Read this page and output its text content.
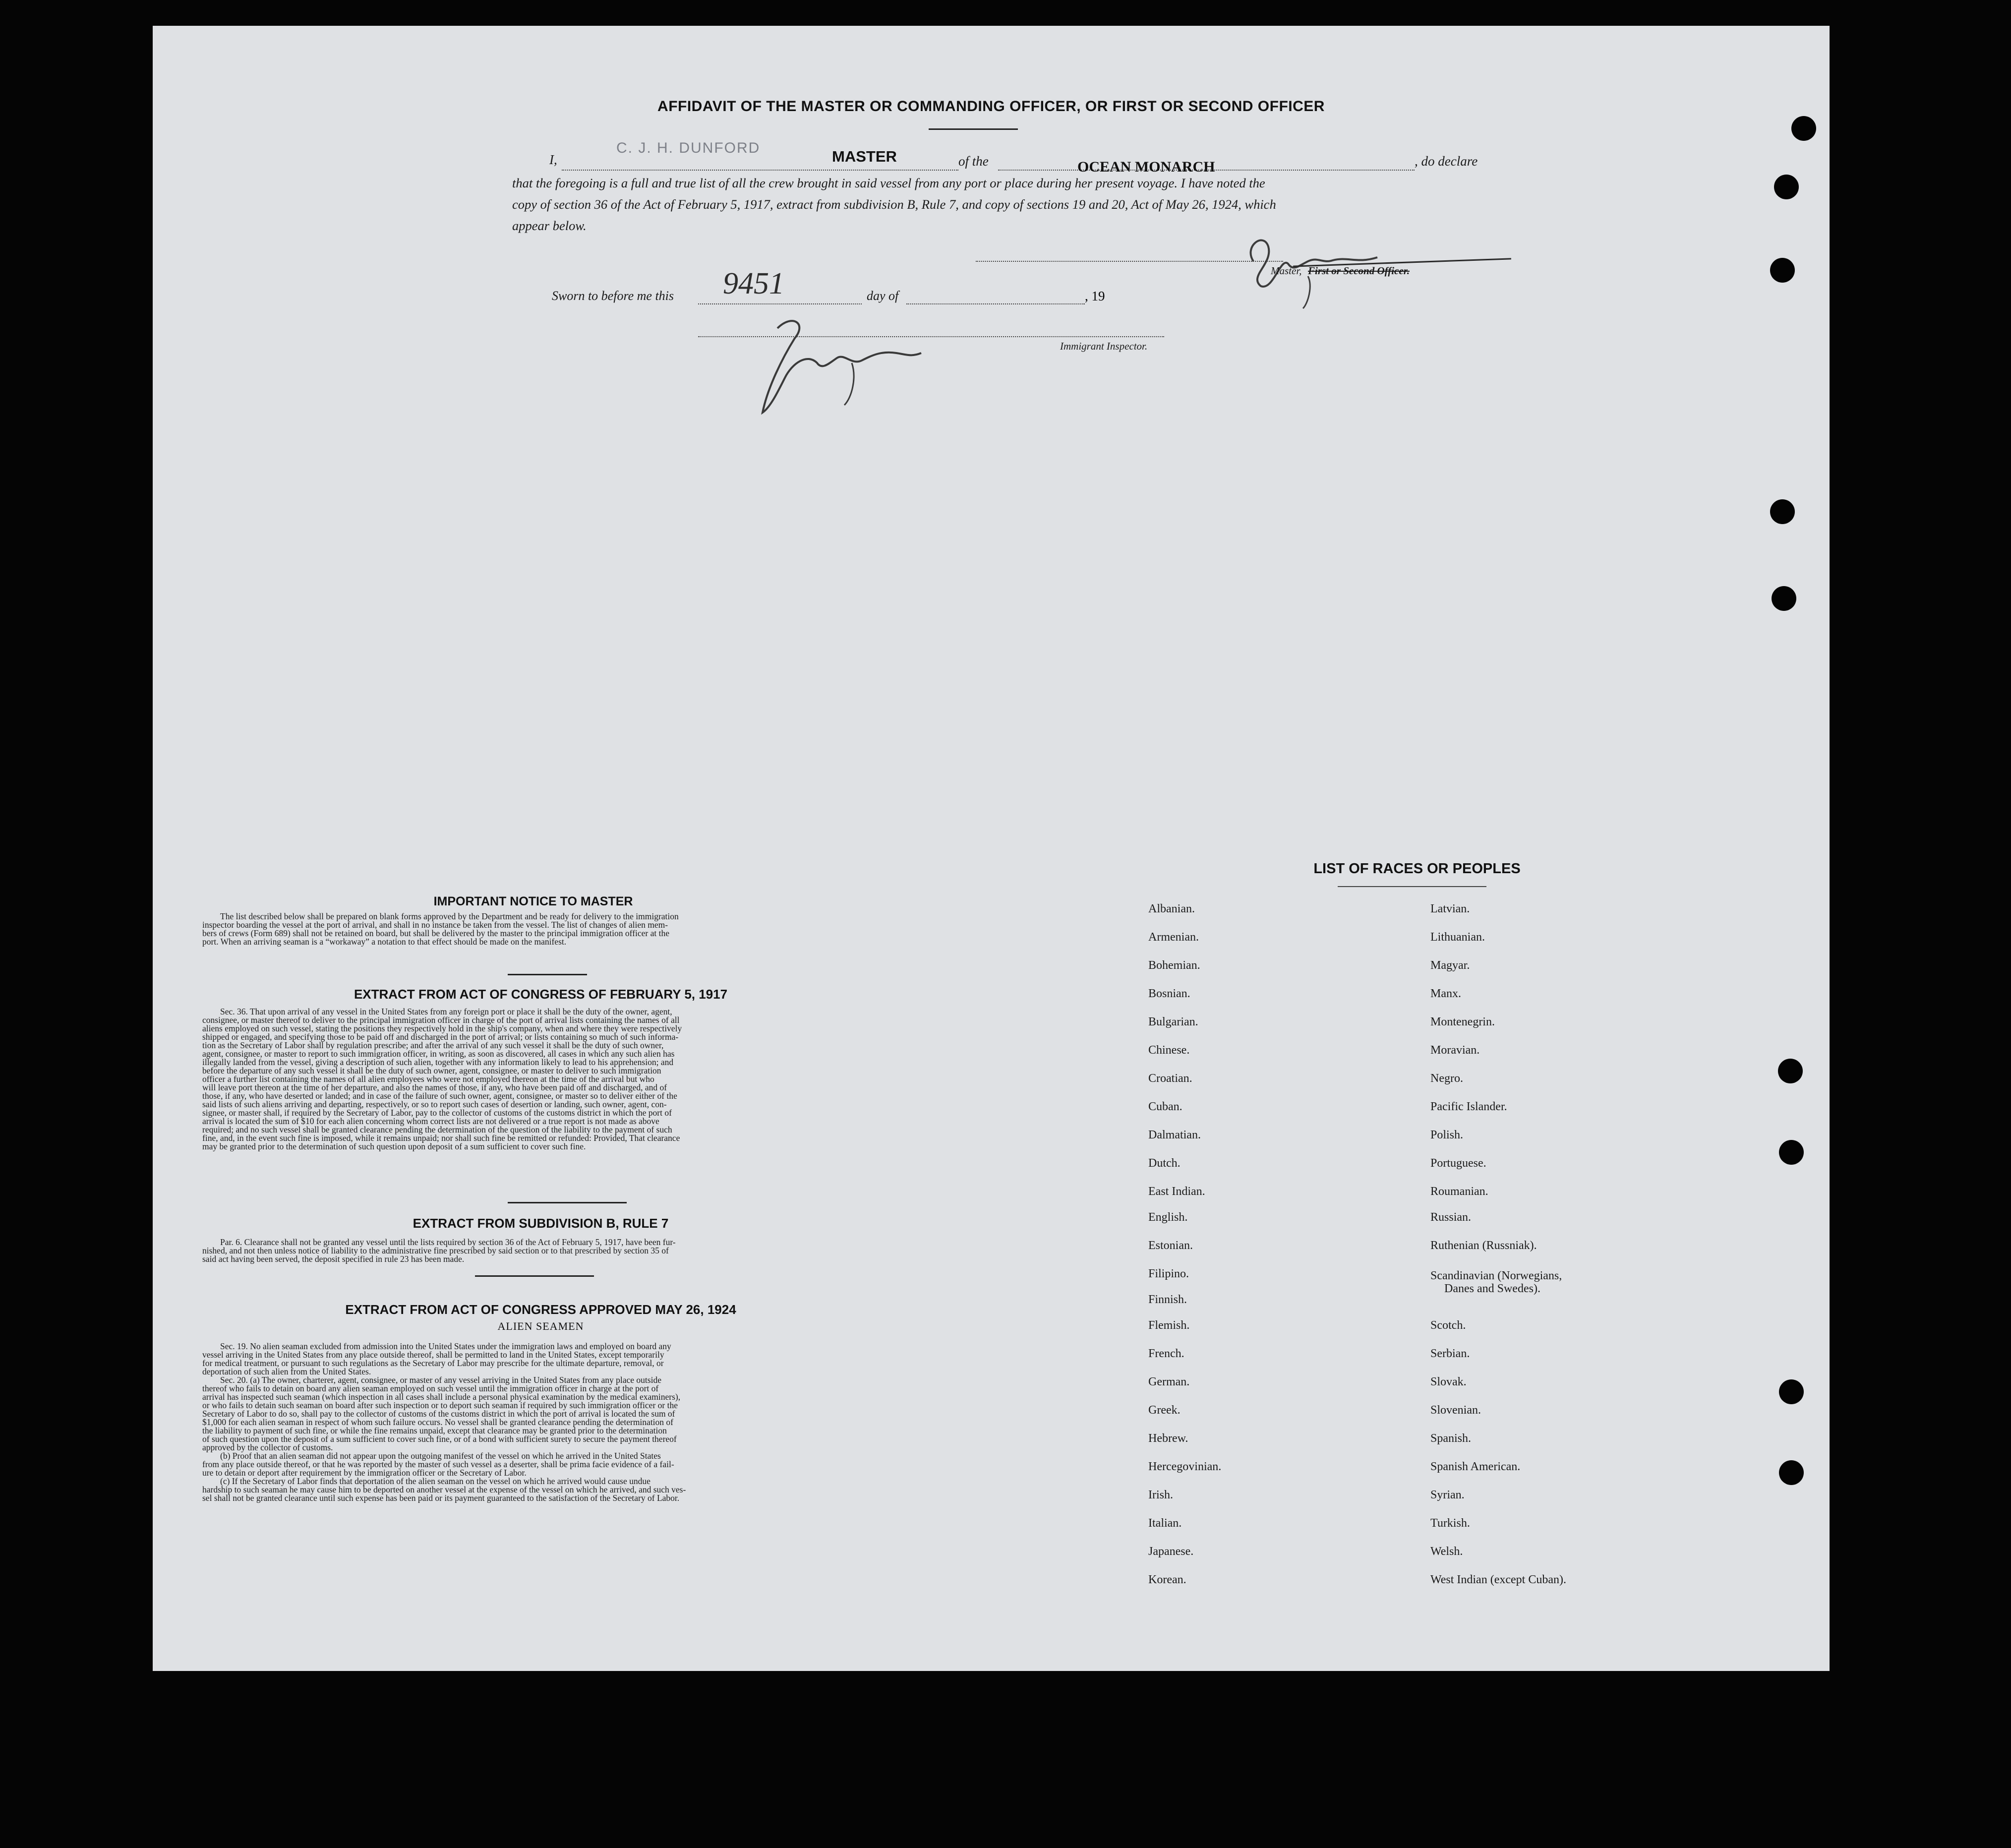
AFFIDAVIT OF THE MASTER OR COMMANDING OFFICER, OR FIRST OR SECOND OFFICER
I,
C. J. H. DUNFORD	MASTER	of the	OCEAN MONARCH	, do declare
that the foregoing is a full and true list of all the crew brought in said vessel from any port or place during her present voyage. I have noted the
copy of section 36 of the Act of February 5, 1917, extract from subdivision B, Rule 7, and copy of sections 19 and 20, Act of May 26, 1924, which
appear below.
Master, First or Second Officer.
Sworn to before me this 9451	day of	, 19
Immigrant Inspector.
IMPORTANT NOTICE TO MASTER
The list described below shall be prepared on blank forms approved by the Department and be ready for delivery to the immigration
inspector boarding the vessel at the port of arrival, and shall in no instance be taken from the vessel. The list of changes of alien mem-
bers of crews (Form 689) shall not be retained on board, but shall be delivered by the master to the principal immigration officer at the
port. When an arriving seaman is a “workaway” a notation to that effect should be made on the manifest.
EXTRACT FROM ACT OF CONGRESS OF FEBRUARY 5, 1917
Sec. 36. That upon arrival of any vessel in the United States from any foreign port or place it shall be the duty of the owner, agent,
consignee, or master thereof to deliver to the principal immigration officer in charge of the port of arrival lists containing the names of all
aliens employed on such vessel, stating the positions they respectively hold in the ship's company, when and where they were respectively
shipped or engaged, and specifying those to be paid off and discharged in the port of arrival; or lists containing so much of such informa-
tion as the Secretary of Labor shall by regulation prescribe; and after the arrival of any such vessel it shall be the duty of such owner,
agent, consignee, or master to report to such immigration officer, in writing, as soon as discovered, all cases in which any such alien has
illegally landed from the vessel, giving a description of such alien, together with any information likely to lead to his apprehension; and
before the departure of any such vessel it shall be the duty of such owner, agent, consignee, or master to deliver to such immigration
officer a further list containing the names of all alien employees who were not employed thereon at the time of the arrival but who
will leave port thereon at the time of her departure, and also the names of those, if any, who have been paid off and discharged, and of
those, if any, who have deserted or landed; and in case of the failure of such owner, agent, consignee, or master so to deliver either of the
said lists of such aliens arriving and departing, respectively, or so to report such cases of desertion or landing, such owner, agent, con-
signee, or master shall, if required by the Secretary of Labor, pay to the collector of customs of the customs district in which the port of
arrival is located the sum of $10 for each alien concerning whom correct lists are not delivered or a true report is not made as above
required; and no such vessel shall be granted clearance pending the determination of the question of the liability to the payment of such
fine, and, in the event such fine is imposed, while it remains unpaid; nor shall such fine be remitted or refunded: Provided, That clearance
may be granted prior to the determination of such question upon deposit of a sum sufficient to cover such fine.
EXTRACT FROM SUBDIVISION B, RULE 7
Par. 6. Clearance shall not be granted any vessel until the lists required by section 36 of the Act of February 5, 1917, have been fur-
nished, and not then unless notice of liability to the administrative fine prescribed by said section or to that prescribed by section 35 of
said act having been served, the deposit specified in rule 23 has been made.
EXTRACT FROM ACT OF CONGRESS APPROVED MAY 26, 1924
ALIEN SEAMEN
Sec. 19. No alien seaman excluded from admission into the United States under the immigration laws and employed on board any
vessel arriving in the United States from any place outside thereof, shall be permitted to land in the United States, except temporarily
for medical treatment, or pursuant to such regulations as the Secretary of Labor may prescribe for the ultimate departure, removal, or
deportation of such alien from the United States.
Sec. 20. (a) The owner, charterer, agent, consignee, or master of any vessel arriving in the United States from any place outside
thereof who fails to detain on board any alien seaman employed on such vessel until the immigration officer in charge at the port of
arrival has inspected such seaman (which inspection in all cases shall include a personal physical examination by the medical examiners),
or who fails to detain such seaman on board after such inspection or to deport such seaman if required by such immigration officer or the
Secretary of Labor to do so, shall pay to the collector of customs of the customs district in which the port of arrival is located the sum of
$1,000 for each alien seaman in respect of whom such failure occurs. No vessel shall be granted clearance pending the determination of
the liability to payment of such fine, or while the fine remains unpaid, except that clearance may be granted prior to the determination
of such question upon the deposit of a sum sufficient to cover such fine, or of a bond with sufficient surety to secure the payment thereof
approved by the collector of customs.
(b) Proof that an alien seaman did not appear upon the outgoing manifest of the vessel on which he arrived in the United States
from any place outside thereof, or that he was reported by the master of such vessel as a deserter, shall be prima facie evidence of a fail-
ure to detain or deport after requirement by the immigration officer or the Secretary of Labor.
(c) If the Secretary of Labor finds that deportation of the alien seaman on the vessel on which he arrived would cause undue
hardship to such seaman he may cause him to be deported on another vessel at the expense of the vessel on which he arrived, and such ves-
sel shall not be granted clearance until such expense has been paid or its payment guaranteed to the satisfaction of the Secretary of Labor.
LIST OF RACES OR PEOPLES
Albanian.
Armenian.
Bohemian.
Bosnian.
Bulgarian.
Chinese.
Croatian.
Cuban.
Dalmatian.
Dutch.
East Indian.
English.
Estonian.
Filipino.
Finnish.
Flemish.
French.
German.
Greek.
Hebrew.
Hercegovinian.
Irish.
Italian.
Japanese.
Korean.
Latvian.
Lithuanian.
Magyar.
Manx.
Montenegrin.
Moravian.
Negro.
Pacific Islander.
Polish.
Portuguese.
Roumanian.
Russian.
Ruthenian (Russniak).
Scandinavian (Norwegians,
Danes and Swedes).
Scotch.
Serbian.
Slovak.
Slovenian.
Spanish.
Spanish American.
Syrian.
Turkish.
Welsh.
West Indian (except Cuban).
